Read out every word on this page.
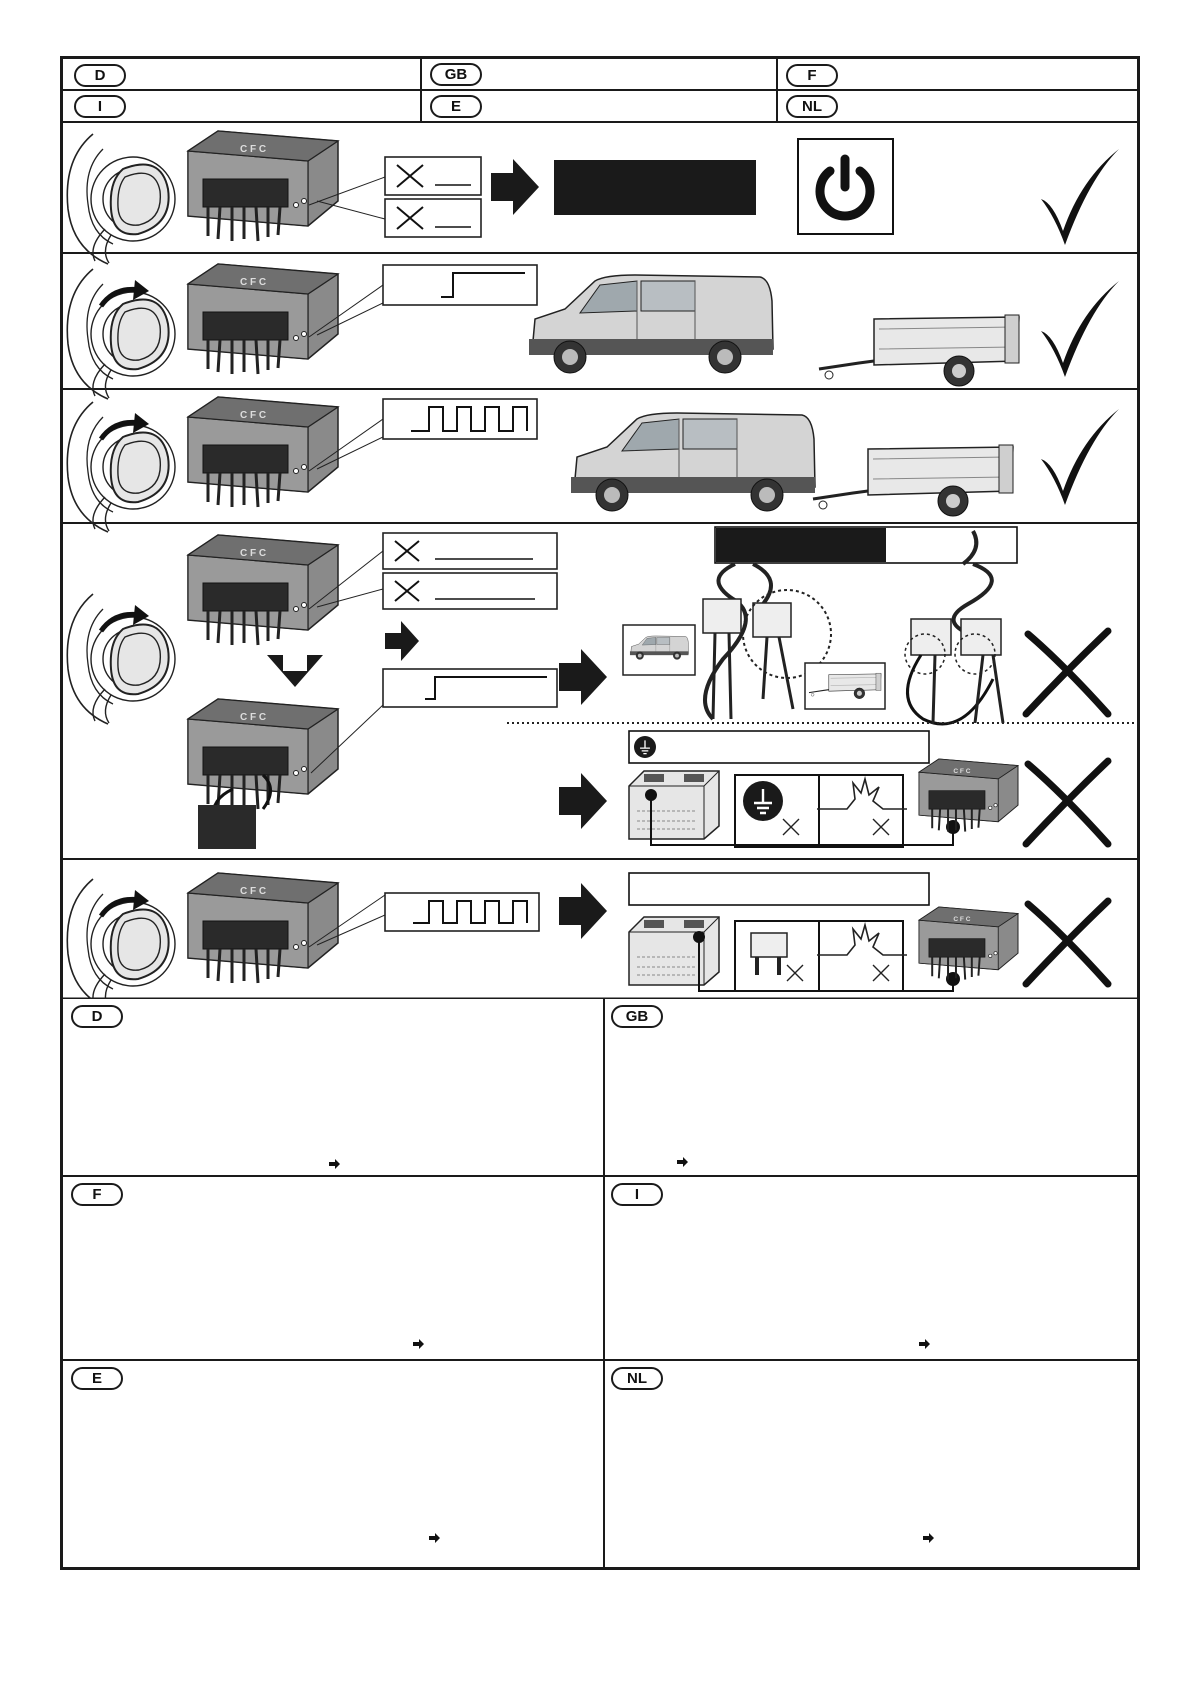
D	GB	F
I	E	NL
C F C
D	GB
F	I
E	NL
